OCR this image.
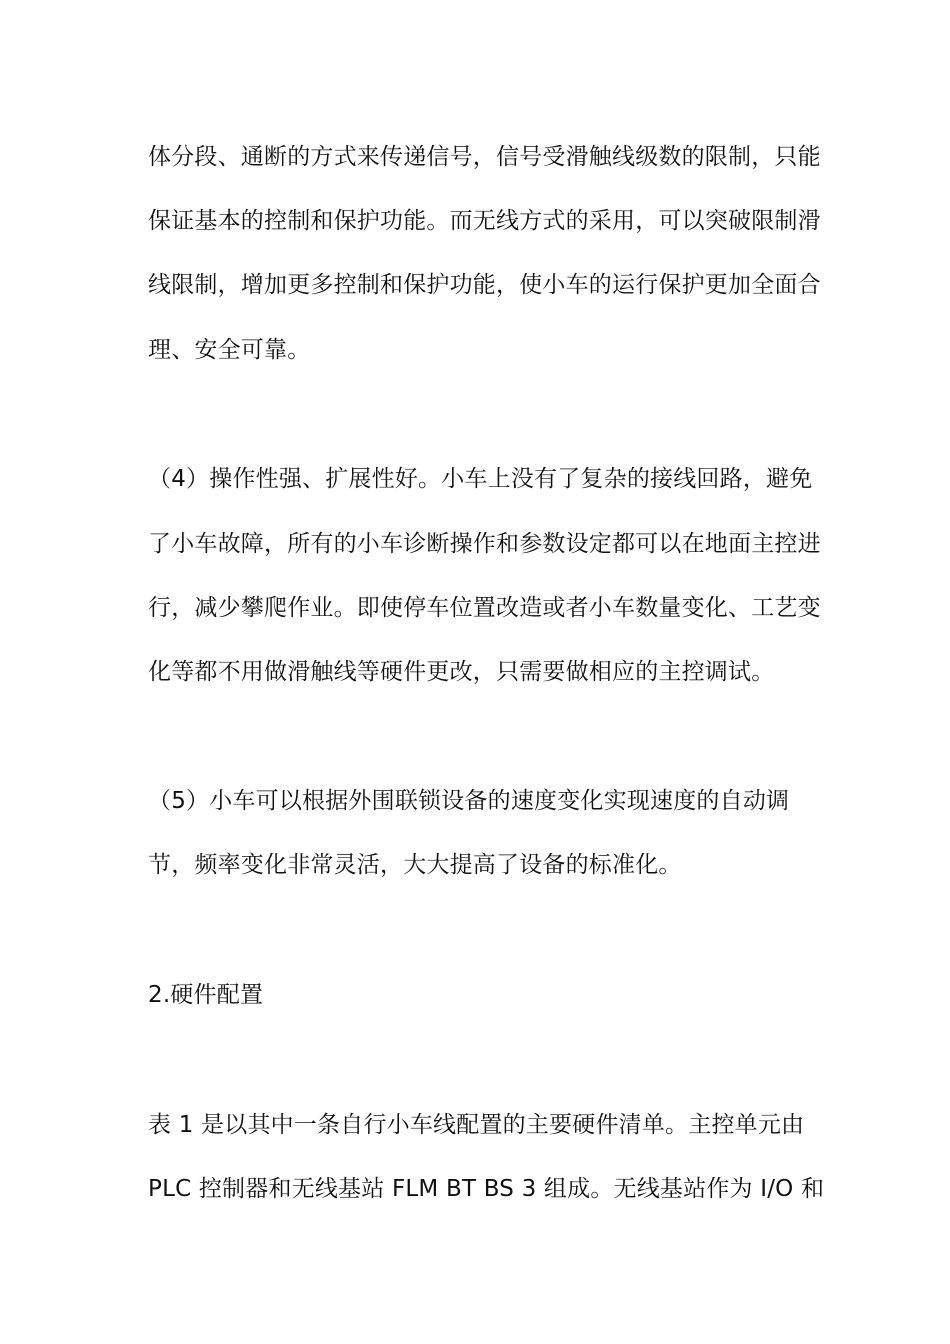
体分段、通断的方式来传递信号，信号受滑触线级数的限制，只能
保证基本的控制和保护功能。而无线方式的采用，可以突破限制滑
线限制，增加更多控制和保护功能，使小车的运行保护更加全面合
理、安全可靠。
（4）操作性强、扩展性好。小车上没有了复杂的接线回路，避免
了小车故障，所有的小车诊断操作和参数设定都可以在地面主控进
行，减少攀爬作业。即使停车位置改造或者小车数量变化、工艺变
化等都不用做滑触线等硬件更改，只需要做相应的主控调试。
（5）小车可以根据外围联锁设备的速度变化实现速度的自动调
节，频率变化非常灵活，大大提高了设备的标准化。
2.硬件配置
表 1 是以其中一条自行小车线配置的主要硬件清单。主控单元由
PLC 控制器和无线基站 FLM BT BS 3 组成。无线基站作为 I/O 和
